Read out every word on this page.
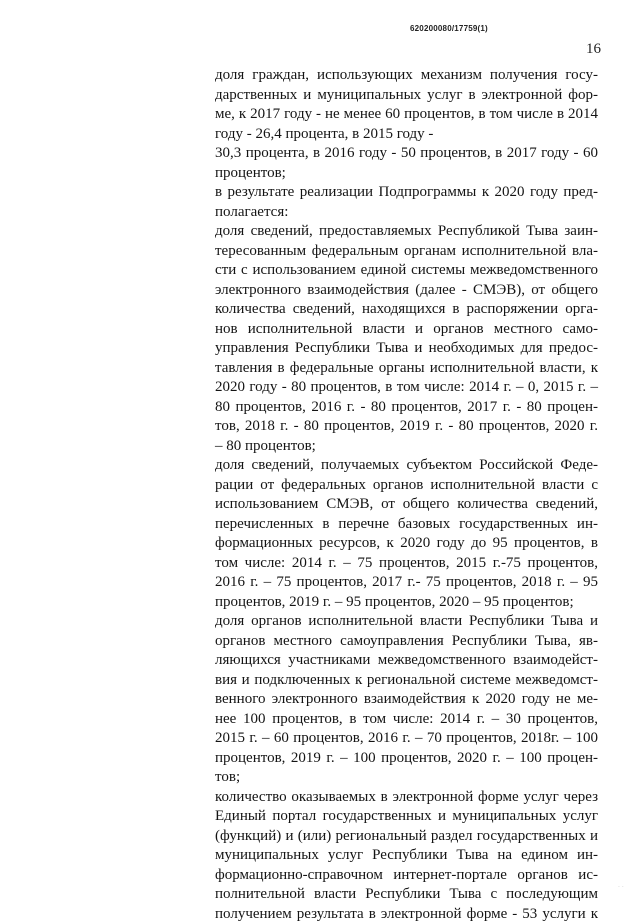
620200080/17759(1)
16
доля граждан, использующих механизм получения госу-
дарственных и муниципальных услуг в электронной фор-
ме, к 2017 году - не менее 60 процентов, в том числе в 2014
году - 26,4 процента, в 2015 году -
30,3 процента, в 2016 году - 50 процентов, в 2017 году - 60
процентов;
в результате реализации Подпрограммы к 2020 году пред-
полагается:
доля сведений, предоставляемых Республикой Тыва заин-
тересованным федеральным органам исполнительной вла-
сти с использованием единой системы межведомственного
электронного взаимодействия (далее - СМЭВ), от общего
количества сведений, находящихся в распоряжении орга-
нов исполнительной власти и органов местного само-
управления Республики Тыва и необходимых для предос-
тавления в федеральные органы исполнительной власти, к
2020 году - 80 процентов, в том числе: 2014 г. – 0, 2015 г. –
80 процентов, 2016 г. - 80 процентов, 2017 г. - 80 процен-
тов, 2018 г. - 80 процентов, 2019 г. - 80 процентов, 2020 г.
– 80 процентов;
доля сведений, получаемых субъектом Российской Феде-
рации от федеральных органов исполнительной власти с
использованием СМЭВ, от общего количества сведений,
перечисленных в перечне базовых государственных ин-
формационных ресурсов, к 2020 году до 95 процентов, в
том числе: 2014 г. – 75 процентов, 2015 г.-75 процентов,
2016 г. – 75 процентов, 2017 г.- 75 процентов, 2018 г. – 95
процентов, 2019 г. – 95 процентов, 2020 – 95 процентов;
доля органов исполнительной власти Республики Тыва и
органов местного самоуправления Республики Тыва, яв-
ляющихся участниками межведомственного взаимодейст-
вия и подключенных к региональной системе межведомст-
венного электронного взаимодействия к 2020 году не ме-
нее 100 процентов, в том числе: 2014 г. – 30 процентов,
2015 г. – 60 процентов, 2016 г. – 70 процентов, 2018г. – 100
процентов, 2019 г. – 100 процентов, 2020 г. – 100 процен-
тов;
количество оказываемых в электронной форме услуг через
Единый портал государственных и муниципальных услуг
(функций) и (или) региональный раздел государственных и
муниципальных услуг Республики Тыва на едином ин-
формационно-справочном интернет-портале органов ис-
полнительной власти Республики Тыва с последующим
получением результата в электронной форме - 53 услуги к
· ·
